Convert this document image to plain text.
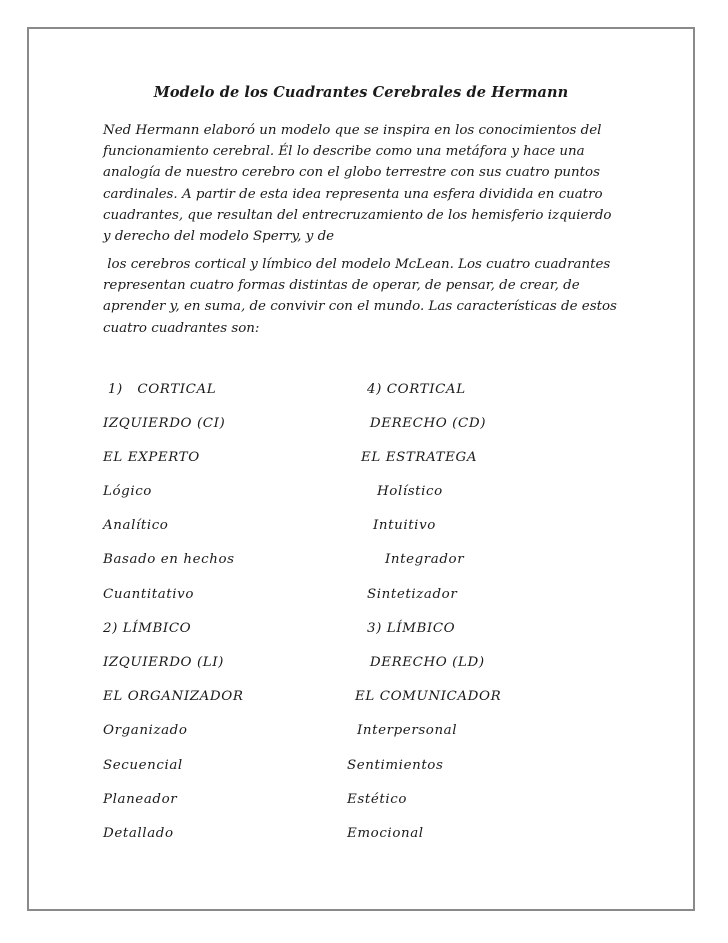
Modelo de los Cuadrantes Cerebrales de Hermann

Ned Hermann elaboró un modelo que se inspira en los conocimientos del
funcionamiento cerebral. Él lo describe como una metáfora y hace una
analogía de nuestro cerebro con el globo terrestre con sus cuatro puntos
cardinales. A partir de esta idea representa una esfera dividida en cuatro
cuadrantes, que resultan del entrecruzamiento de los hemisferio izquierdo
y derecho del modelo Sperry, y de

los cerebros cortical y límbico del modelo McLean. Los cuatro cuadrantes
representan cuatro formas distintas de operar, de pensar, de crear, de
aprender y, en suma, de convivir con el mundo. Las características de estos
cuatro cuadrantes son:

1)   CORTICAL	4) CORTICAL
IZQUIERDO (CI)	DERECHO (CD)
EL EXPERTO	EL ESTRATEGA
Lógico	Holístico
Analítico	Intuitivo
Basado en hechos	Integrador
Cuantitativo	Sintetizador
2) LÍMBICO	3) LÍMBICO
IZQUIERDO (LI)	DERECHO (LD)
EL ORGANIZADOR	EL COMUNICADOR
Organizado	Interpersonal
Secuencial	Sentimientos
Planeador	Estético
Detallado	Emocional
